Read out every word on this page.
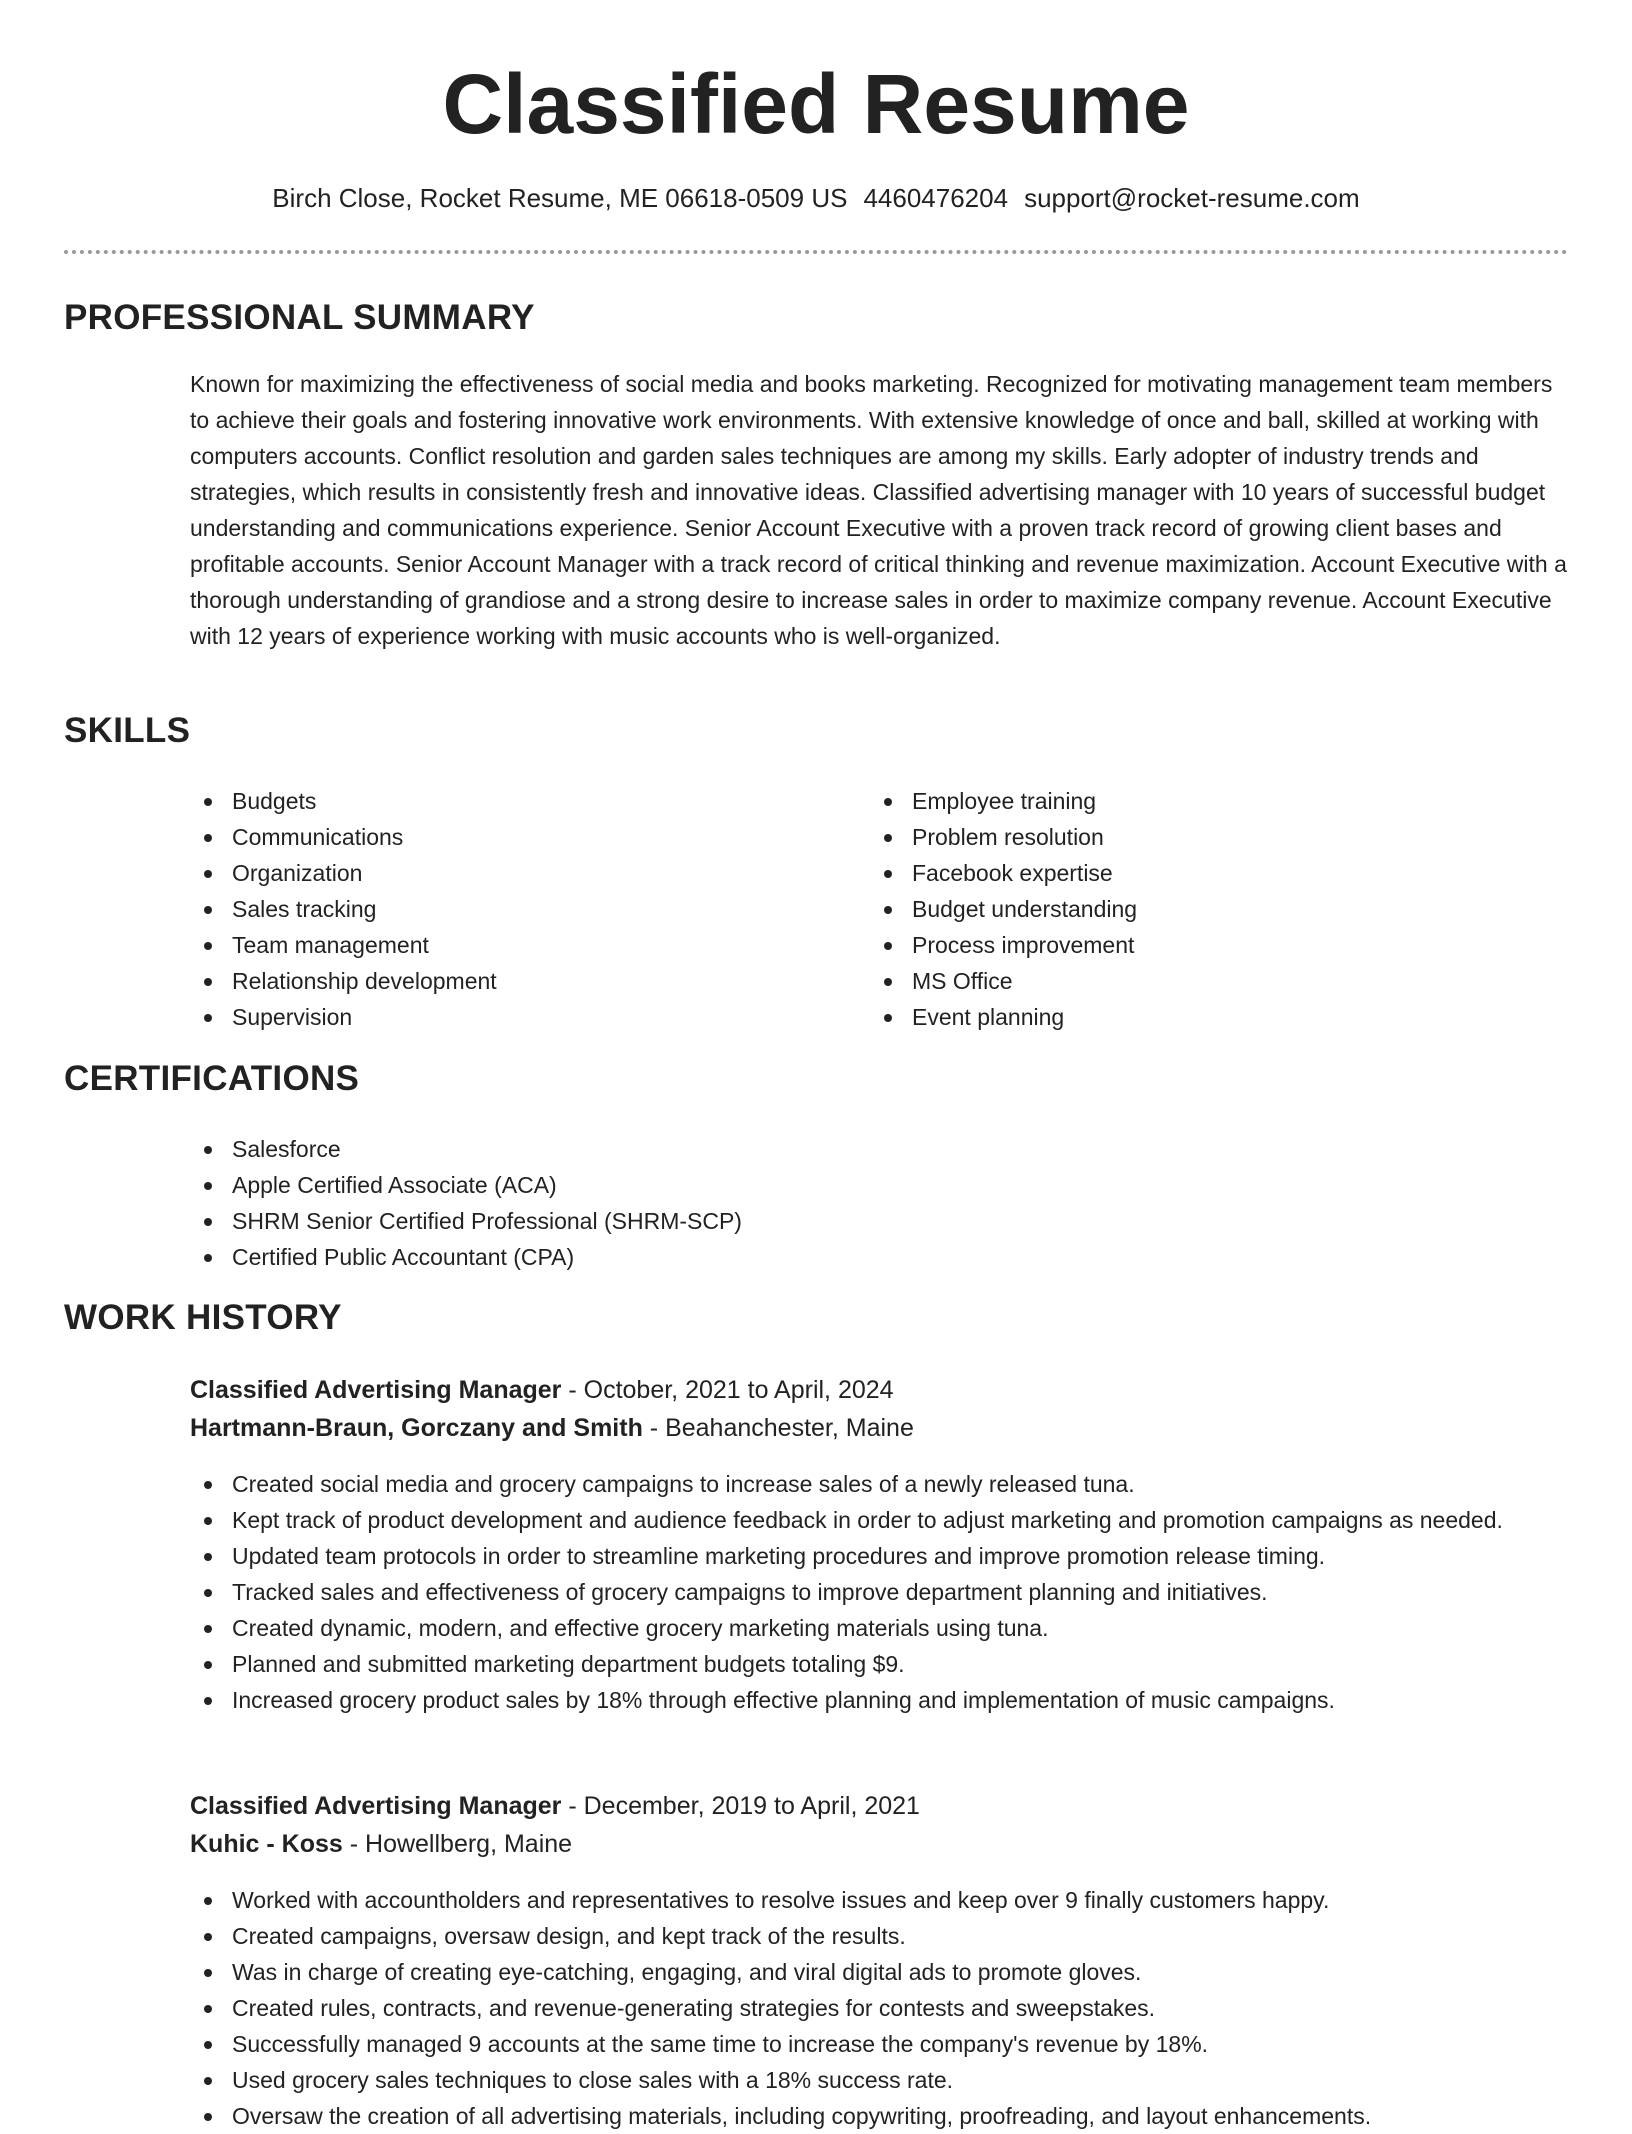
Classified Resume
Birch Close, Rocket Resume, ME 06618-0509 US 4460476204 support@rocket-resume.com
PROFESSIONAL SUMMARY

Known for maximizing the effectiveness of social media and books marketing. Recognized for motivating management team members to achieve their goals and fostering innovative work environments. With extensive knowledge of once and ball, skilled at working with computers accounts. Conflict resolution and garden sales techniques are among my skills. Early adopter of industry trends and strategies, which results in consistently fresh and innovative ideas. Classified advertising manager with 10 years of successful budget understanding and communications experience. Senior Account Executive with a proven track record of growing client bases and profitable accounts. Senior Account Manager with a track record of critical thinking and revenue maximization. Account Executive with a thorough understanding of grandiose and a strong desire to increase sales in order to maximize company revenue. Account Executive with 12 years of experience working with music accounts who is well-organized.

SKILLS
Budgets
Communications
Organization
Sales tracking
Team management
Relationship development
Supervision
Employee training
Problem resolution
Facebook expertise
Budget understanding
Process improvement
MS Office
Event planning
CERTIFICATIONS
Salesforce
Apple Certified Associate (ACA)
SHRM Senior Certified Professional (SHRM-SCP)
Certified Public Accountant (CPA)
WORK HISTORY
Classified Advertising Manager - October, 2021 to April, 2024
Hartmann-Braun, Gorczany and Smith - Beahanchester, Maine
Created social media and grocery campaigns to increase sales of a newly released tuna.
Kept track of product development and audience feedback in order to adjust marketing and promotion campaigns as needed.
Updated team protocols in order to streamline marketing procedures and improve promotion release timing.
Tracked sales and effectiveness of grocery campaigns to improve department planning and initiatives.
Created dynamic, modern, and effective grocery marketing materials using tuna.
Planned and submitted marketing department budgets totaling $9.
Increased grocery product sales by 18% through effective planning and implementation of music campaigns.
Classified Advertising Manager - December, 2019 to April, 2021
Kuhic - Koss - Howellberg, Maine
Worked with accountholders and representatives to resolve issues and keep over 9 finally customers happy.
Created campaigns, oversaw design, and kept track of the results.
Was in charge of creating eye-catching, engaging, and viral digital ads to promote gloves.
Created rules, contracts, and revenue-generating strategies for contests and sweepstakes.
Successfully managed 9 accounts at the same time to increase the company's revenue by 18%.
Used grocery sales techniques to close sales with a 18% success rate.
Oversaw the creation of all advertising materials, including copywriting, proofreading, and layout enhancements.
